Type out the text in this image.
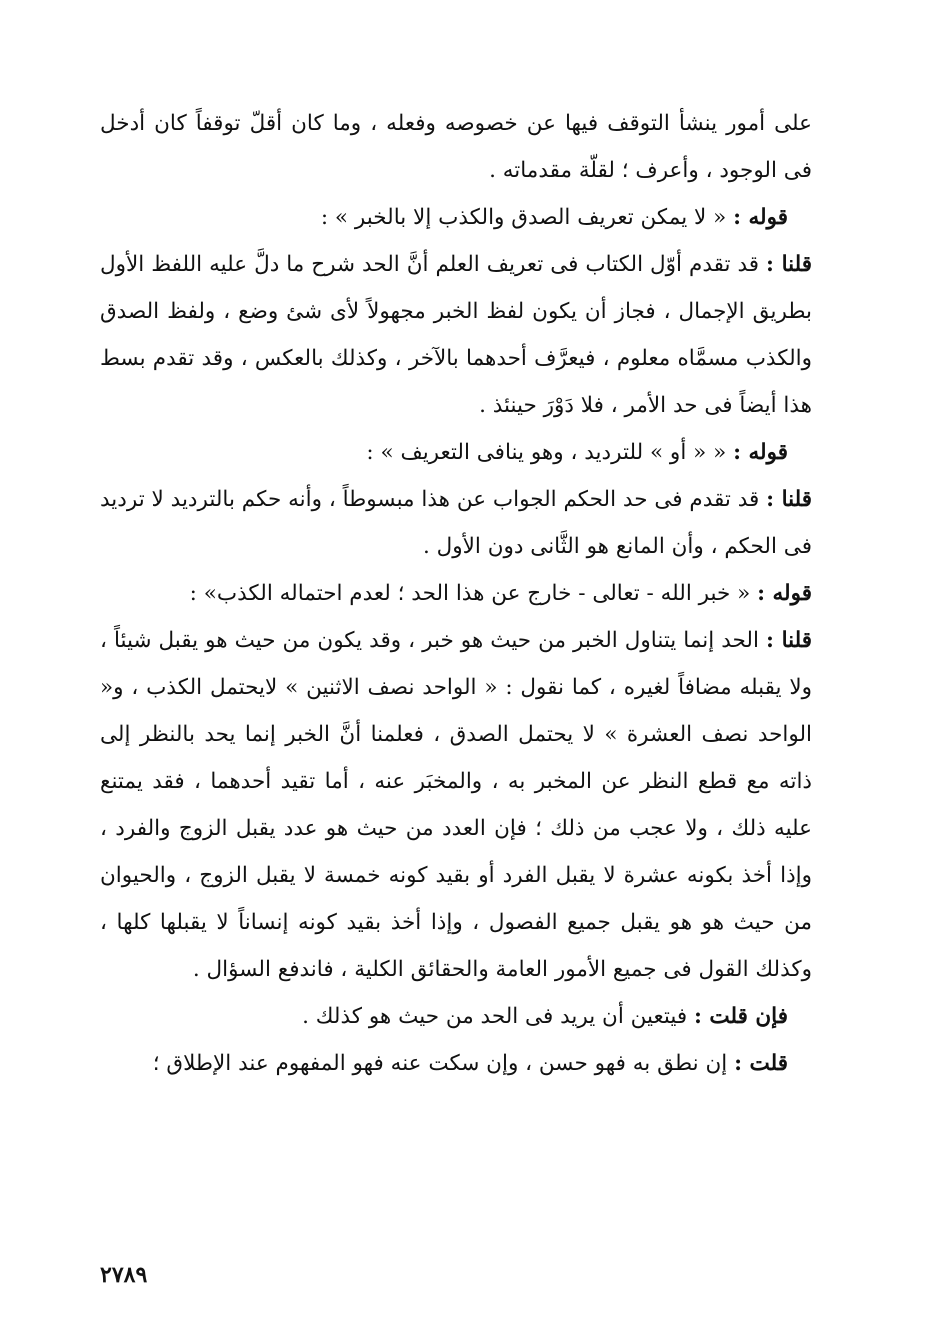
على أمور ينشأ التوقف فيها عن خصوصه وفعله ، وما كان أقلّ توقفاً كان أدخل فى الوجود ، وأعرف ؛ لقلّة مقدماته .

قوله : « لا يمكن تعريف الصدق والكذب إلا بالخبر » :

قلنا : قد تقدم أوّل الكتاب فى تعريف العلم أنَّ الحد شرح ما دلَّ عليه اللفظ الأول بطريق الإجمال ، فجاز أن يكون لفظ الخبر مجهولاً لأى شئ وضع ، ولفظ الصدق والكذب مسمَّاه معلوم ، فيعرَّف أحدهما بالآخر ، وكذلك بالعكس ، وقد تقدم بسط هذا أيضاً فى حد الأمر ، فلا دَوْرَ حينئذ .

قوله : « « أو » للترديد ، وهو ينافى التعريف » :

قلنا : قد تقدم فى حد الحكم الجواب عن هذا مبسوطاً ، وأنه حكم بالترديد لا ترديد فى الحكم ، وأن المانع هو الثَّانى دون الأول .

قوله : « خبر الله - تعالى - خارج عن هذا الحد ؛ لعدم احتماله الكذب» :

قلنا : الحد إنما يتناول الخبر من حيث هو خبر ، وقد يكون من حيث هو يقبل شيئاً ، ولا يقبله مضافاً لغيره ، كما نقول : « الواحد نصف الاثنين » لايحتمل الكذب ، و« الواحد نصف العشرة » لا يحتمل الصدق ، فعلمنا أنَّ الخبر إنما يحد بالنظر إلى ذاته مع قطع النظر عن المخبر به ، والمخبَر عنه ، أما تقيد أحدهما ، فقد يمتنع عليه ذلك ، ولا عجب من ذلك ؛ فإن العدد من حيث هو عدد يقبل الزوج والفرد ، وإذا أخذ بكونه عشرة لا يقبل الفرد أو بقيد كونه خمسة لا يقبل الزوج ، والحيوان من حيث هو هو يقبل جميع الفصول ، وإذا أخذ بقيد كونه إنساناً لا يقبلها كلها ، وكذلك القول فى جميع الأمور العامة والحقائق الكلية ، فاندفع السؤال .

فإن قلت : فيتعين أن يريد فى الحد من حيث هو كذلك .

قلت : إن نطق به فهو حسن ، وإن سكت عنه فهو المفهوم عند الإطلاق ؛

٢٧٨٩
